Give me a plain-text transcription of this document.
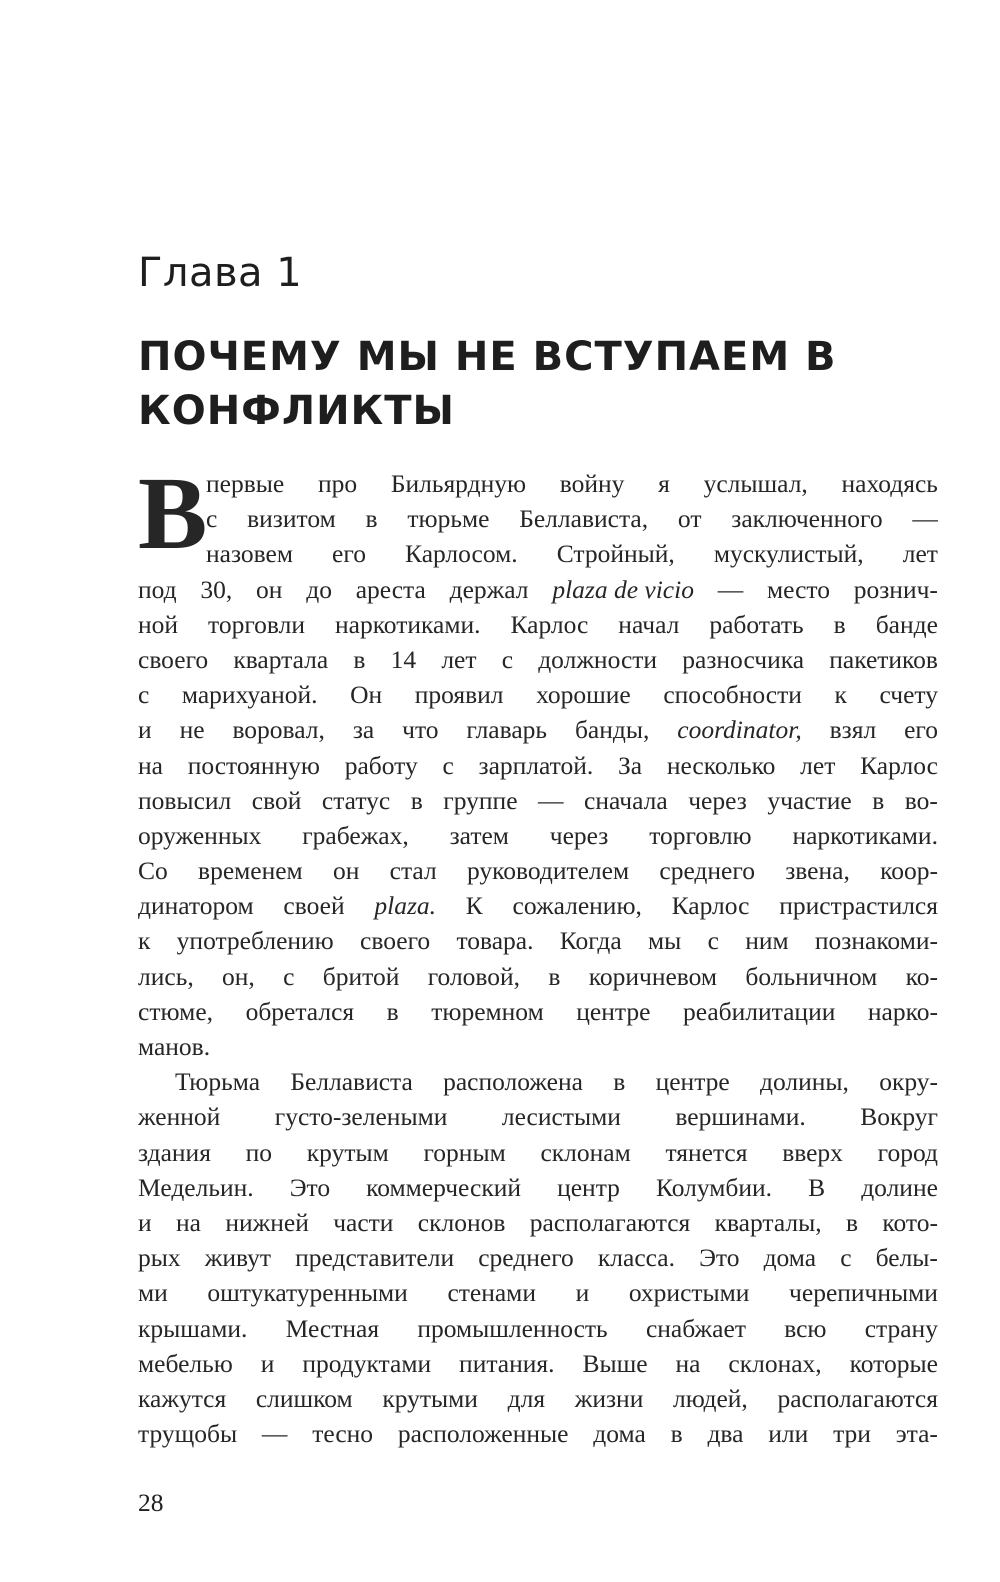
Глава 1
ПОЧЕМУ МЫ НЕ ВСТУПАЕМ В КОНФЛИКТЫ
В
первые про Бильярдную войну я услышал, находясь
с визитом в тюрьме Беллависта, от заключенного —
назовем его Карлосом. Стройный, мускулистый, лет
под 30, он до ареста держал plaza de vicio — место рознич-
ной торговли наркотиками. Карлос начал работать в банде
своего квартала в 14 лет с должности разносчика пакетиков
с марихуаной. Он проявил хорошие способности к счету
и не воровал, за что главарь банды, coordinator, взял его
на постоянную работу с зарплатой. За несколько лет Карлос
повысил свой статус в группе — сначала через участие в во-
оруженных грабежах, затем через торговлю наркотиками.
Со временем он стал руководителем среднего звена, коор-
динатором своей plaza. К сожалению, Карлос пристрастился
к употреблению своего товара. Когда мы с ним познакоми-
лись, он, с бритой головой, в коричневом больничном ко-
стюме, обретался в тюремном центре реабилитации нарко-
манов.
Тюрьма Беллависта расположена в центре долины, окру-
женной густо-зелеными лесистыми вершинами. Вокруг
здания по крутым горным склонам тянется вверх город
Медельин. Это коммерческий центр Колумбии. В долине
и на нижней части склонов располагаются кварталы, в кото-
рых живут представители среднего класса. Это дома с белы-
ми оштукатуренными стенами и охристыми черепичными
крышами. Местная промышленность снабжает всю страну
мебелью и продуктами питания. Выше на склонах, которые
кажутся слишком крутыми для жизни людей, располагаются
трущобы — тесно расположенные дома в два или три эта-
28
